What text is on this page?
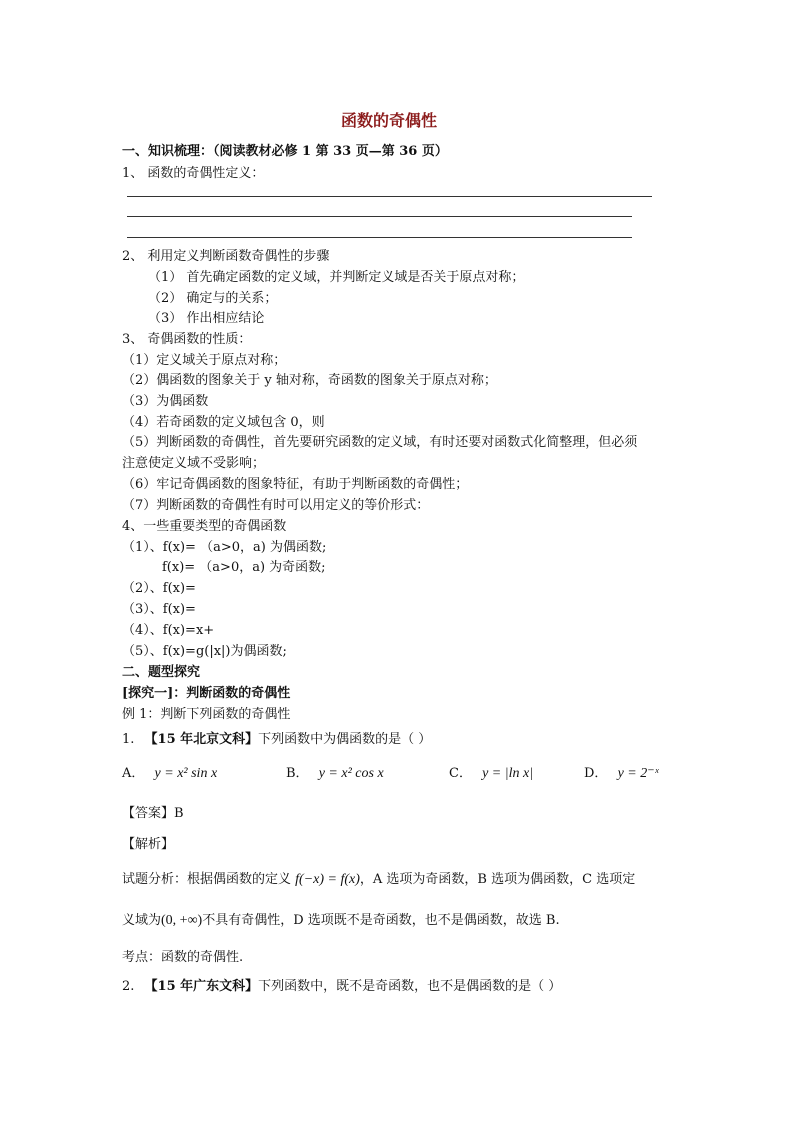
函数的奇偶性
一、知识梳理：（阅读教材必修 1 第 33 页—第 36 页）
1、 函数的奇偶性定义：
2、 利用定义判断函数奇偶性的步骤
（1） 首先确定函数的定义域，并判断定义域是否关于原点对称；
（2） 确定与的关系；
（3） 作出相应结论
3、 奇偶函数的性质：
（1）定义域关于原点对称；
（2）偶函数的图象关于 y 轴对称，奇函数的图象关于原点对称；
（3）为偶函数
（4）若奇函数的定义域包含 0，则
（5）判断函数的奇偶性，首先要研究函数的定义域，有时还要对函数式化简整理，但必须
注意使定义域不受影响；
（6）牢记奇偶函数的图象特征，有助于判断函数的奇偶性；
（7）判断函数的奇偶性有时可以用定义的等价形式：
4、一些重要类型的奇偶函数
（1）、f(x)= （a>0，a) 为偶函数;
f(x)= （a>0，a) 为奇函数;
（2）、f(x)=
（3）、f(x)=
（4）、f(x)=x+
（5）、f(x)=g(|x|)为偶函数;
二、题型探究
[探究一]：判断函数的奇偶性
例 1：判断下列函数的奇偶性
1. 【15 年北京文科】下列函数中为偶函数的是（ ）
A． y = x² sin x	B． y = x² cos x	C． y = |ln x|	D． y = 2⁻ˣ
【答案】B
【解析】
试题分析：根据偶函数的定义 f(−x) = f(x)，A 选项为奇函数，B 选项为偶函数，C 选项定
义域为(0, +∞)不具有奇偶性，D 选项既不是奇函数，也不是偶函数，故选 B.
考点：函数的奇偶性.
2. 【15 年广东文科】下列函数中，既不是奇函数，也不是偶函数的是（ ）
